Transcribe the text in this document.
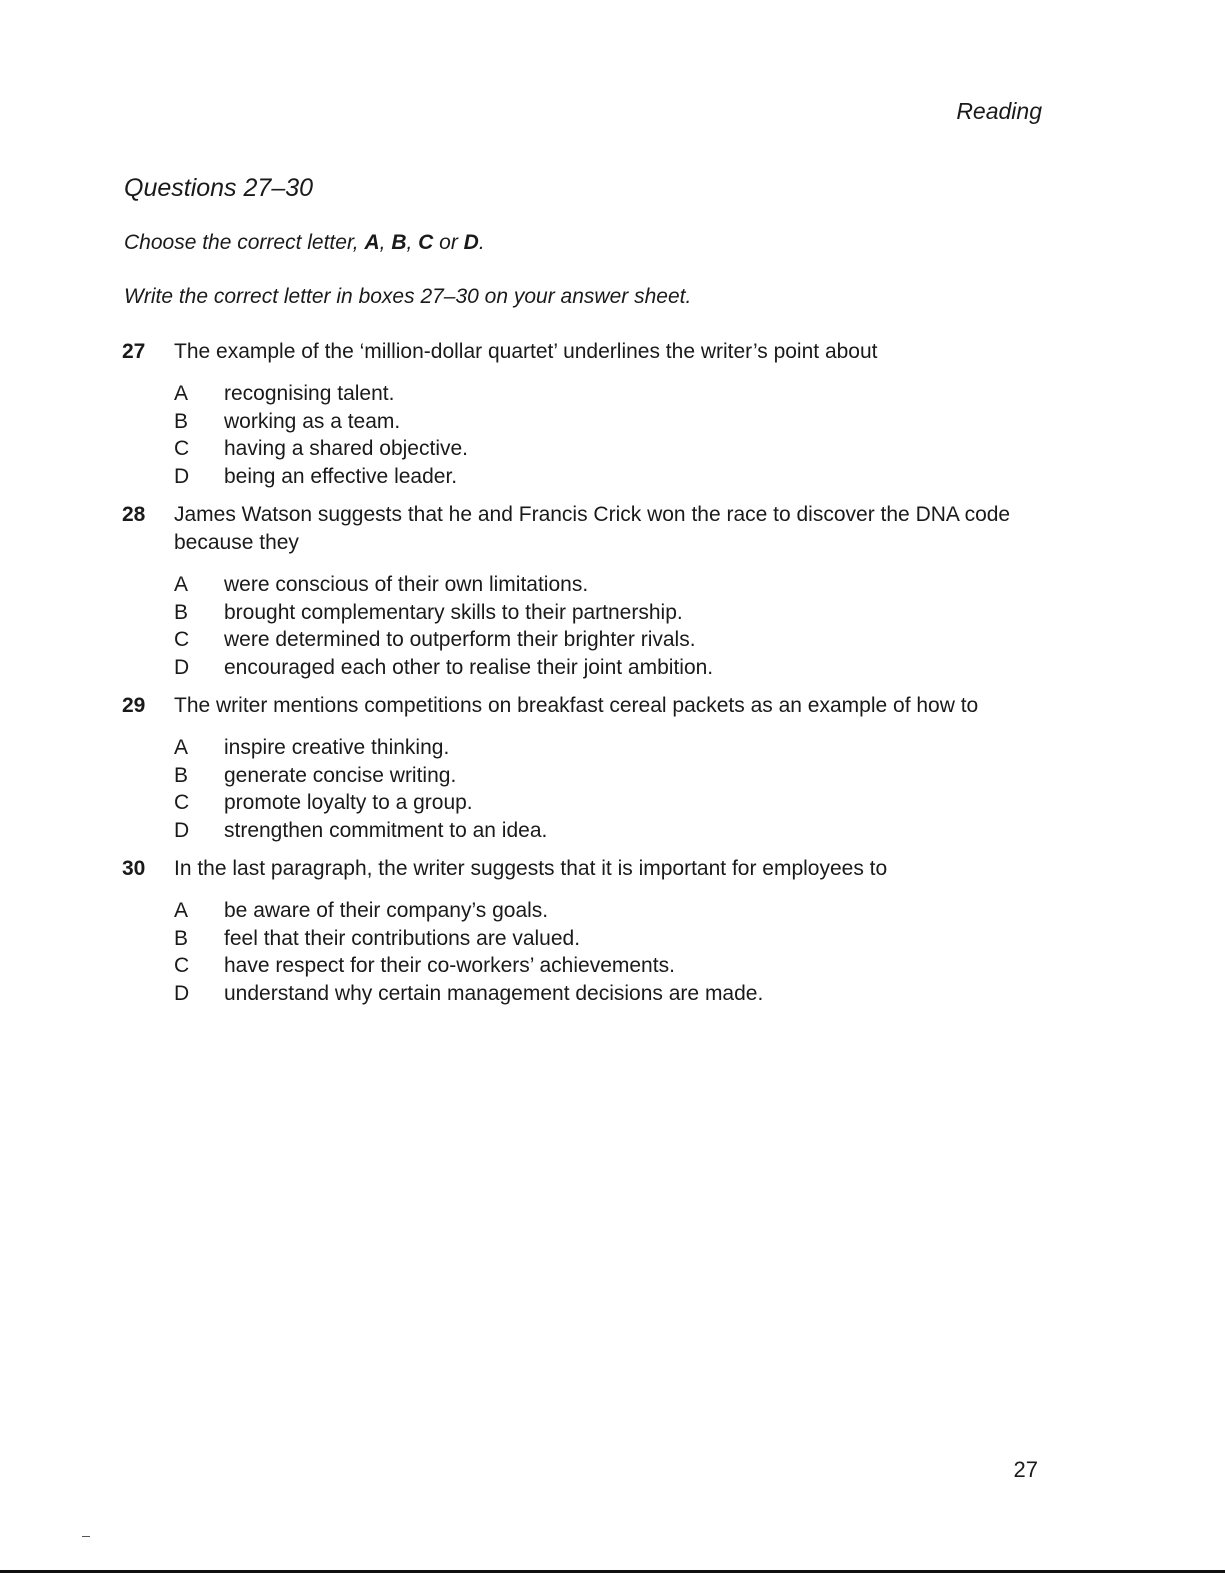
Reading
Questions 27–30
Choose the correct letter, A, B, C or D.
Write the correct letter in boxes 27–30 on your answer sheet.
27	The example of the ‘million-dollar quartet’ underlines the writer’s point about
A	recognising talent.
B	working as a team.
C	having a shared objective.
D	being an effective leader.
28	James Watson suggests that he and Francis Crick won the race to discover the DNA code because they
A	were conscious of their own limitations.
B	brought complementary skills to their partnership.
C	were determined to outperform their brighter rivals.
D	encouraged each other to realise their joint ambition.
29	The writer mentions competitions on breakfast cereal packets as an example of how to
A	inspire creative thinking.
B	generate concise writing.
C	promote loyalty to a group.
D	strengthen commitment to an idea.
30	In the last paragraph, the writer suggests that it is important for employees to
A	be aware of their company’s goals.
B	feel that their contributions are valued.
C	have respect for their co-workers’ achievements.
D	understand why certain management decisions are made.
27
